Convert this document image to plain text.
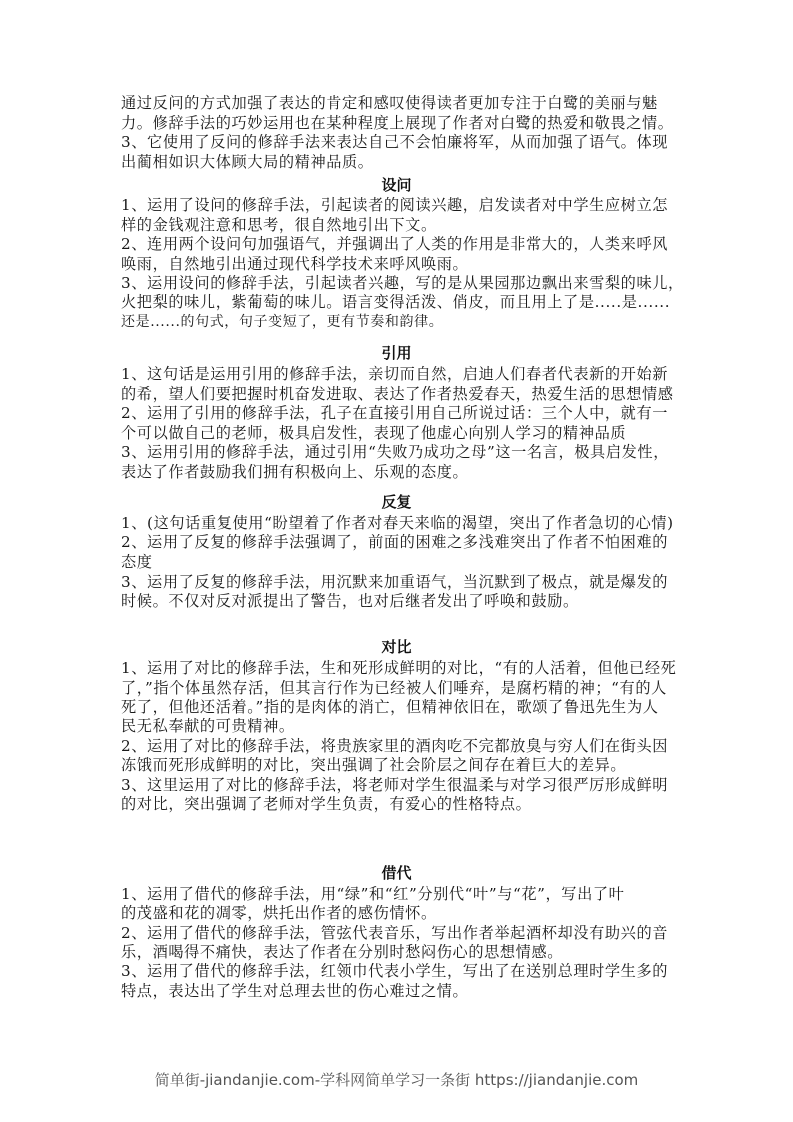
通过反问的方式加强了表达的肯定和感叹使得读者更加专注于白鹭的美丽与魅
力。修辞手法的巧妙运用也在某种程度上展现了作者对白鹭的热爱和敬畏之情。
3、它使用了反问的修辞手法来表达自己不会怕廉将军，从而加强了语气。体现
出蔺相如识大体顾大局的精神品质。
设问
1、运用了设问的修辞手法，引起读者的阅读兴趣，启发读者对中学生应树立怎
样的金钱观注意和思考，很自然地引出下文。
2、连用两个设问句加强语气，并强调出了人类的作用是非常大的，人类来呼风
唤雨，自然地引出通过现代科学技术来呼风唤雨。
3、运用设问的修辞手法，引起读者兴趣，写的是从果园那边飘出来雪梨的味儿，
火把梨的味儿，紫葡萄的味儿。语言变得活泼、俏皮，而且用上了是.....是......
还是......的句式，句子变短了，更有节奏和韵律。
引用
1、这句话是运用引用的修辞手法，亲切而自然，启迪人们春者代表新的开始新
的希，望人们要把握时机奋发进取、表达了作者热爱春天，热爱生活的思想情感
2、运用了引用的修辞手法，孔子在直接引用自己所说过话：三个人中，就有一
个可以做自己的老师，极具启发性，表现了他虚心向别人学习的精神品质
3、运用引用的修辞手法，通过引用“失败乃成功之母”这一名言，极具启发性，
表达了作者鼓励我们拥有积极向上、乐观的态度。
反复
1、(这句话重复使用“盼望着了作者对春天来临的渴望，突出了作者急切的心情)
2、运用了反复的修辞手法强调了，前面的困难之多浅难突出了作者不怕困难的
态度
3、运用了反复的修辞手法，用沉默来加重语气，当沉默到了极点，就是爆发的
时候。不仅对反对派提出了警告，也对后继者发出了呼唤和鼓励。
对比
1、运用了对比的修辞手法，生和死形成鲜明的对比，“有的人活着，但他已经死
了，”指个体虽然存活，但其言行作为已经被人们唾弃，是腐朽精的神；“有的人
死了，但他还活着。”指的是肉体的消亡，但精神依旧在，歌颂了鲁迅先生为人
民无私奉献的可贵精神。
2、运用了对比的修辞手法，将贵族家里的酒肉吃不完都放臭与穷人们在街头因
冻饿而死形成鲜明的对比，突出强调了社会阶层之间存在着巨大的差异。
3、这里运用了对比的修辞手法，将老师对学生很温柔与对学习很严厉形成鲜明
的对比，突出强调了老师对学生负责，有爱心的性格特点。
借代
1、运用了借代的修辞手法，用“绿”和“红”分别代“叶”与“花”，写出了叶
的茂盛和花的凋零，烘托出作者的感伤情怀。
2、运用了借代的修辞手法，管弦代表音乐，写出作者举起酒杯却没有助兴的音
乐，酒喝得不痛快，表达了作者在分别时愁闷伤心的思想情感。
3、运用了借代的修辞手法，红领巾代表小学生，写出了在送别总理时学生多的
特点，表达出了学生对总理去世的伤心难过之情。
简单街-jiandanjie.com-学科网简单学习一条街 https://jiandanjie.com
